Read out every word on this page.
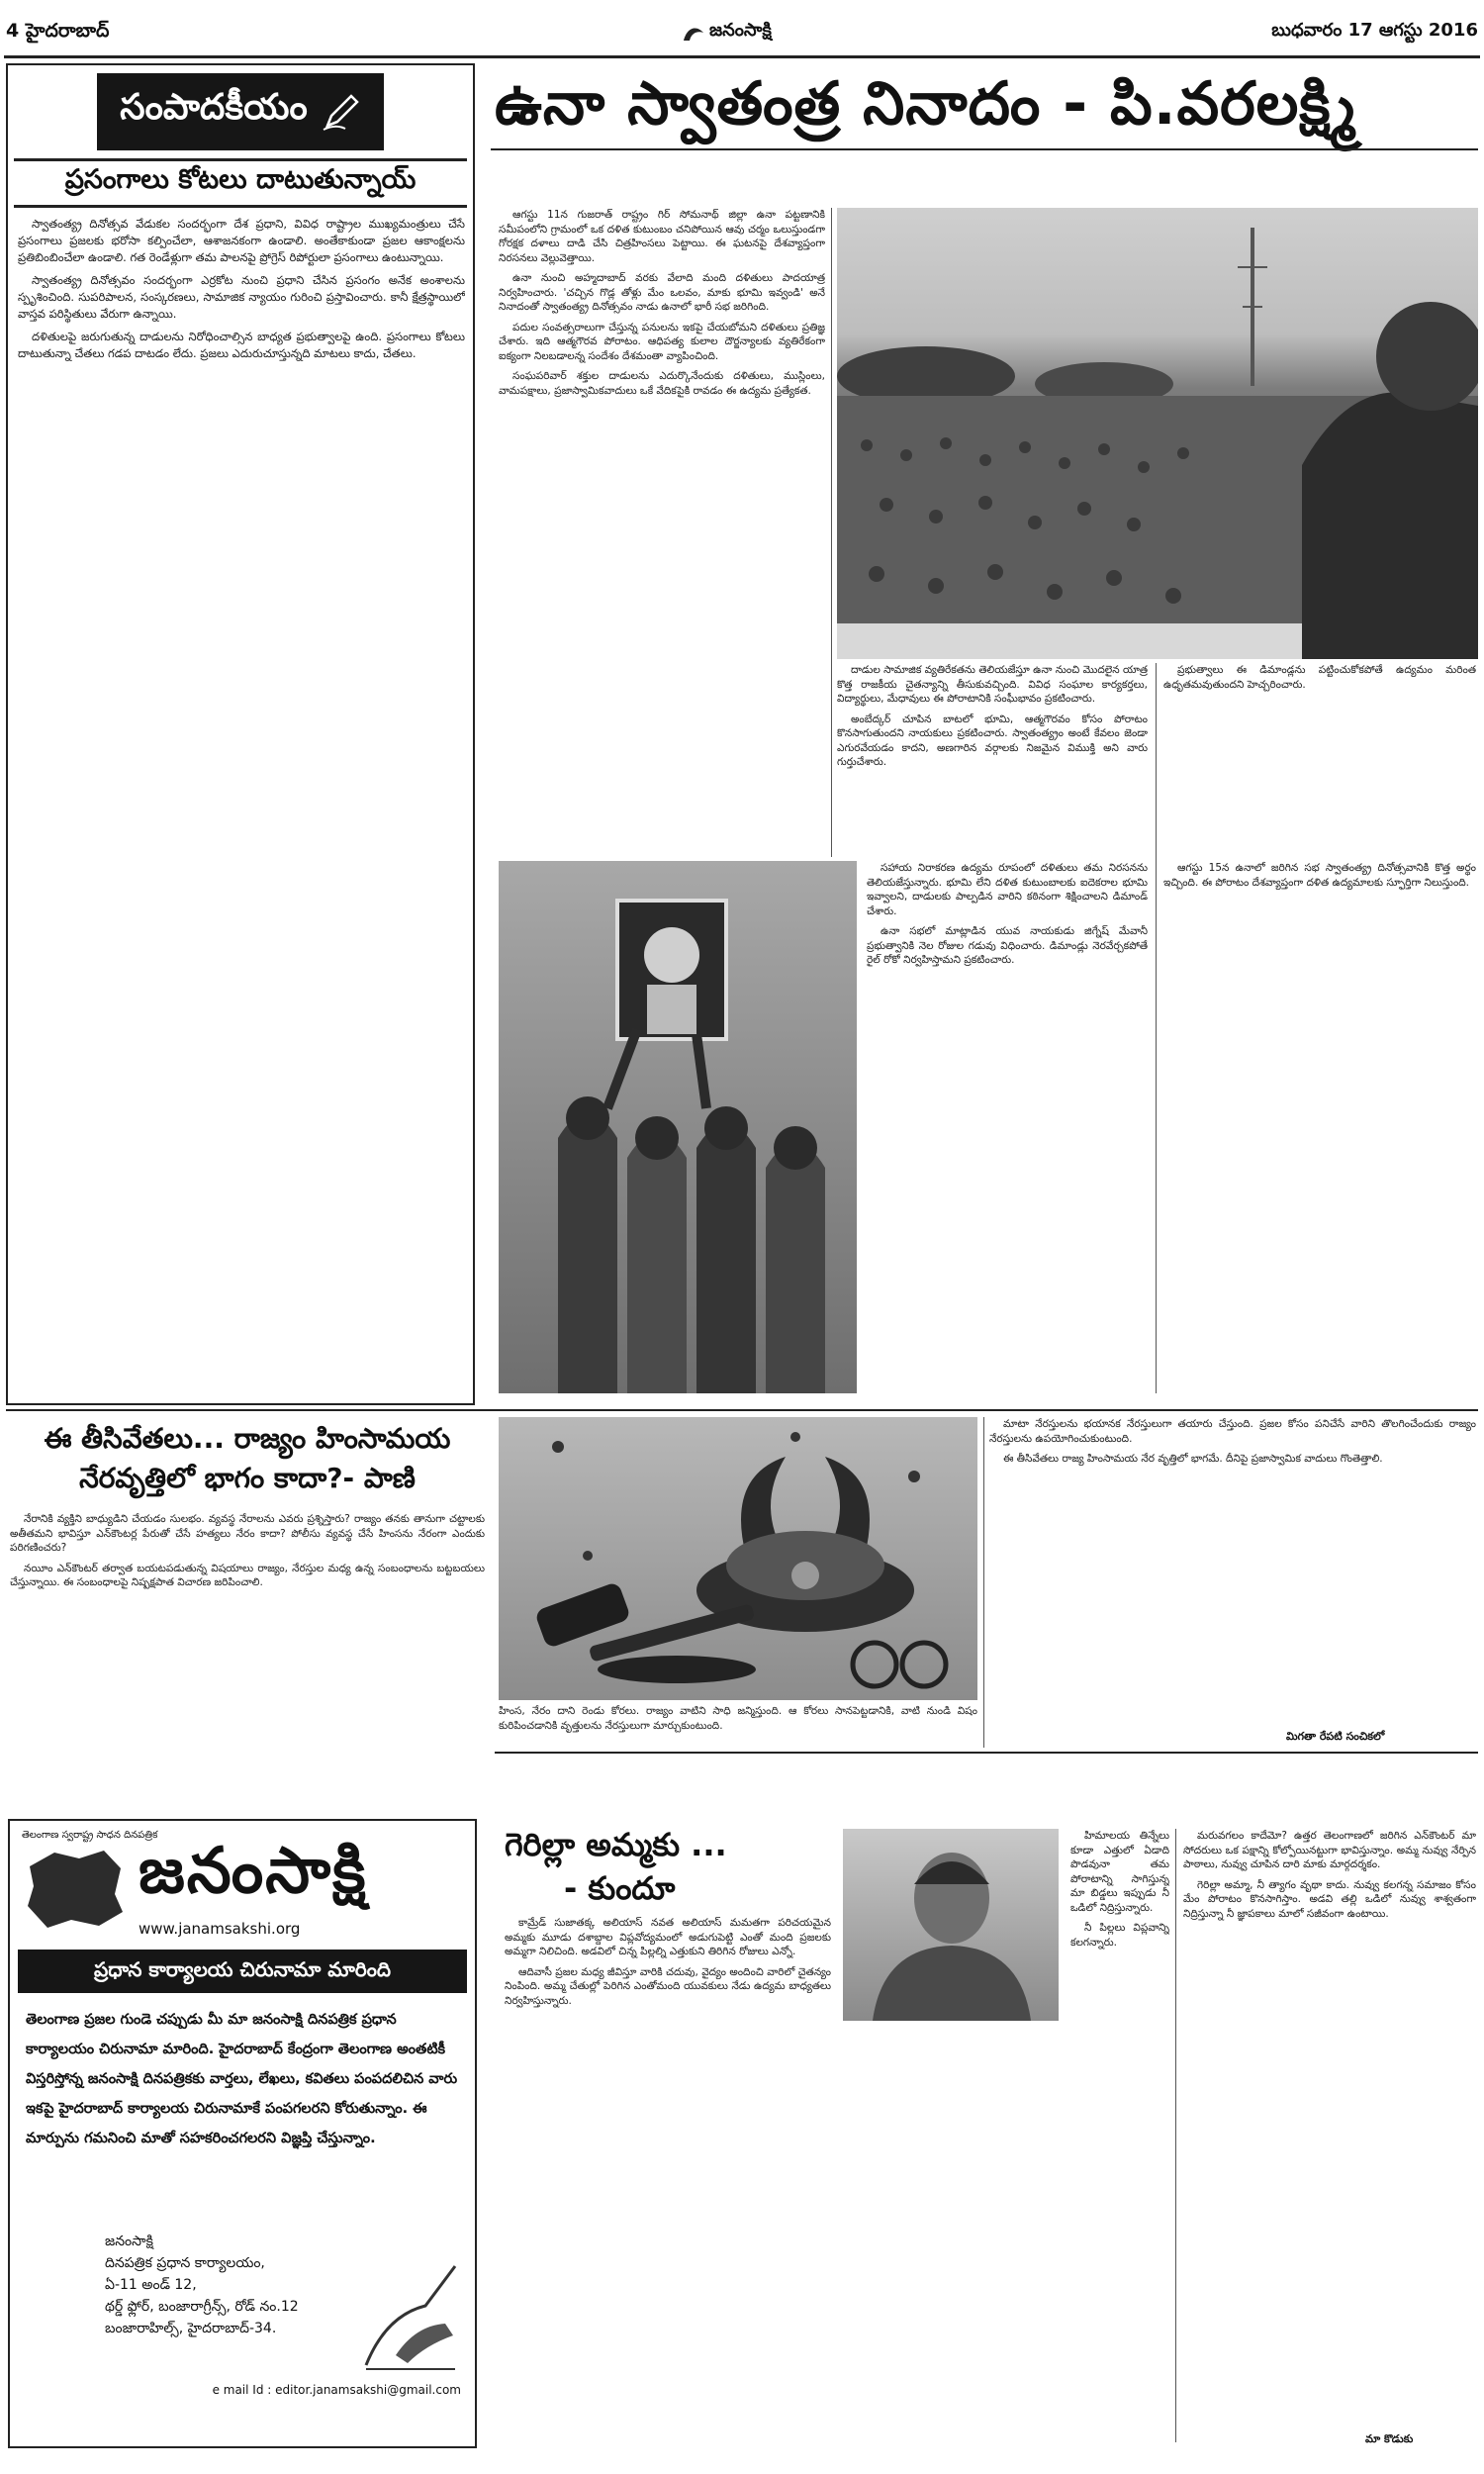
4 హైదరాబాద్	జనంసాక్షి	బుధవారం 17 ఆగస్టు 2016
సంపాదకీయం
ప్రసంగాలు కోటలు దాటుతున్నాయ్

స్వాతంత్య్ర దినోత్సవ వేడుకల సందర్భంగా దేశ ప్రధాని, వివిధ రాష్ట్రాల ముఖ్యమంత్రులు చేసే ప్రసంగాలు ప్రజలకు భరోసా కల్పించేలా, ఆశాజనకంగా ఉండాలి. అంతేకాకుండా ప్రజల ఆకాంక్షలను ప్రతిబింబించేలా ఉండాలి. గత రెండేళ్లుగా తమ పాలనపై ప్రోగ్రెస్‌ రిపోర్టులా ప్రసంగాలు ఉంటున్నాయి.

స్వాతంత్య్ర దినోత్సవం సందర్భంగా ఎర్రకోట నుంచి ప్రధాని చేసిన ప్రసంగం అనేక అంశాలను స్పృశించింది. సుపరిపాలన, సంస్కరణలు, సామాజిక న్యాయం గురించి ప్రస్తావించారు. కానీ క్షేత్రస్థాయిలో వాస్తవ పరిస్థితులు వేరుగా ఉన్నాయి.

దళితులపై జరుగుతున్న దాడులను నిరోధించాల్సిన బాధ్యత ప్రభుత్వాలపై ఉంది. ప్రసంగాలు కోటలు దాటుతున్నా చేతలు గడప దాటడం లేదు. ప్రజలు ఎదురుచూస్తున్నది మాటలు కాదు, చేతలు.

ఉనా స్వాతంత్ర నినాదం - పి.వరలక్ష్మి

ఆగస్టు 11న గుజరాత్‌ రాష్ట్రం గిర్‌ సోమనాథ్‌ జిల్లా ఉనా పట్టణానికి సమీపంలోని గ్రామంలో ఒక దళిత కుటుంబం చనిపోయిన ఆవు చర్మం ఒలుస్తుండగా గోరక్షక దళాలు దాడి చేసి చిత్రహింసలు పెట్టాయి. ఈ ఘటనపై దేశవ్యాప్తంగా నిరసనలు వెల్లువెత్తాయి.

ఉనా నుంచి అహ్మదాబాద్‌ వరకు వేలాది మంది దళితులు పాదయాత్ర నిర్వహించారు. 'చచ్చిన గొడ్ల తోళ్లు మేం ఒలవం, మాకు భూమి ఇవ్వండి' అనే నినాదంతో స్వాతంత్య్ర దినోత్సవం నాడు ఉనాలో భారీ సభ జరిగింది.

పదుల సంవత్సరాలుగా చేస్తున్న పనులను ఇకపై చేయబోమని దళితులు ప్రతిజ్ఞ చేశారు. ఇది ఆత్మగౌరవ పోరాటం. ఆధిపత్య కులాల దౌర్జన్యాలకు వ్యతిరేకంగా ఐక్యంగా నిలబడాలన్న సందేశం దేశమంతా వ్యాపించింది.

సంఘపరివార్‌ శక్తుల దాడులను ఎదుర్కొనేందుకు దళితులు, ముస్లింలు, వామపక్షాలు, ప్రజాస్వామికవాదులు ఒకే వేదికపైకి రావడం ఈ ఉద్యమ ప్రత్యేకత.

దాడుల సామాజిక వ్యతిరేకతను తెలియజేస్తూ ఉనా నుంచి మొదలైన యాత్ర కొత్త రాజకీయ చైతన్యాన్ని తీసుకువచ్చింది. వివిధ సంఘాల కార్యకర్తలు, విద్యార్థులు, మేధావులు ఈ పోరాటానికి సంఘీభావం ప్రకటించారు.

అంబేద్కర్‌ చూపిన బాటలో భూమి, ఆత్మగౌరవం కోసం పోరాటం కొనసాగుతుందని నాయకులు ప్రకటించారు. స్వాతంత్య్రం అంటే కేవలం జెండా ఎగురవేయడం కాదని, అణగారిన వర్గాలకు నిజమైన విముక్తి అని వారు గుర్తుచేశారు.

ప్రభుత్వాలు ఈ డిమాండ్లను పట్టించుకోకపోతే ఉద్యమం మరింత ఉధృతమవుతుందని హెచ్చరించారు.

సహాయ నిరాకరణ ఉద్యమ రూపంలో దళితులు తమ నిరసనను తెలియజేస్తున్నారు. భూమి లేని దళిత కుటుంబాలకు ఐదెకరాల భూమి ఇవ్వాలని, దాడులకు పాల్పడిన వారిని కఠినంగా శిక్షించాలని డిమాండ్‌ చేశారు.

ఉనా సభలో మాట్లాడిన యువ నాయకుడు జిగ్నేష్‌ మేవానీ ప్రభుత్వానికి నెల రోజుల గడువు విధించారు. డిమాండ్లు నెరవేర్చకపోతే రైల్‌ రోకో నిర్వహిస్తామని ప్రకటించారు.

ఆగస్టు 15న ఉనాలో జరిగిన సభ స్వాతంత్య్ర దినోత్సవానికి కొత్త అర్థం ఇచ్చింది. ఈ పోరాటం దేశవ్యాప్తంగా దళిత ఉద్యమాలకు స్ఫూర్తిగా నిలుస్తుంది.

ఈ తీసివేతలు... రాజ్యం హింసామయ నేరవృత్తిలో భాగం కాదా?- పాణి

నేరానికి వ్యక్తిని బాధ్యుడిని చేయడం సులభం. వ్యవస్థ నేరాలను ఎవరు ప్రశ్నిస్తారు? రాజ్యం తనకు తానుగా చట్టాలకు అతీతమని భావిస్తూ ఎన్‌కౌంటర్ల పేరుతో చేసే హత్యలు నేరం కాదా? పోలీసు వ్యవస్థ చేసే హింసను నేరంగా ఎందుకు పరిగణించరు?

నయీం ఎన్‌కౌంటర్‌ తర్వాత బయటపడుతున్న విషయాలు రాజ్యం, నేరస్తుల మధ్య ఉన్న సంబంధాలను బట్టబయలు చేస్తున్నాయి. ఈ సంబంధాలపై నిష్పక్షపాత విచారణ జరిపించాలి.

హింస, నేరం దాని రెండు కోరలు. రాజ్యం వాటిని సాధి జన్మిస్తుంది. ఆ కోరలు సానపెట్టడానికి, వాటి నుండి విషం కురిపించడానికి వృత్తులను నేరస్తులుగా మార్చుకుంటుంది.

మాటా నేరస్తులను భయానక నేరస్తులుగా తయారు చేస్తుంది. ప్రజల కోసం పనిచేసే వారిని తొలగించేందుకు రాజ్యం నేరస్తులను ఉపయోగించుకుంటుంది.

ఈ తీసివేతలు రాజ్య హింసామయ నేర వృత్తిలో భాగమే. దీనిపై ప్రజాస్వామిక వాదులు గొంతెత్తాలి.

మిగతా రేపటి సంచికలో
తెలంగాణ స్వరాష్ట్ర సాధన దినపత్రిక
జనంసాక్షి
www.janamsakshi.org
ప్రధాన కార్యాలయ చిరునామా మారింది
తెలంగాణ ప్రజల గుండె చప్పుడు మీ మా జనంసాక్షి దినపత్రిక ప్రధాన కార్యాలయం చిరునామా మారింది. హైదరాబాద్‌ కేంద్రంగా తెలంగాణ అంతటికీ విస్తరిస్తోన్న జనంసాక్షి దినపత్రికకు వార్తలు, లేఖలు, కవితలు పంపదలిచిన వారు ఇకపై హైదరాబాద్‌ కార్యాలయ చిరునామాకే పంపగలరని కోరుతున్నాం. ఈ మార్పును గమనించి మాతో సహకరించగలరని విజ్ఞప్తి చేస్తున్నాం.
జనంసాక్షి
దినపత్రిక ప్రధాన కార్యాలయం,
ఏ-11 అండ్‌ 12,
థర్డ్‌ ఫ్లోర్‌, బంజారాగ్రీన్స్‌, రోడ్‌ నం.12
బంజారాహిల్స్‌, హైదరాబాద్‌-34.
e mail Id : editor.janamsakshi@gmail.com
గెరిల్లా అమ్మకు ...
- కుందూ

హిమాలయ తిన్నేలు కూడా ఎత్తులో ఏడాది పొడవునా తమ పోరాటాన్ని సాగిస్తున్న మా బిడ్డలు ఇప్పుడు నీ ఒడిలో నిద్రిస్తున్నారు.

నీ పిల్లలు విప్లవాన్ని కలగన్నారు.

కామ్రేడ్‌ సుజాతక్క అలియాస్‌ నవత అలియాస్‌ మమతగా పరిచయమైన అమ్మకు మూడు దశాబ్దాల విప్లవోద్యమంలో అడుగుపెట్టి ఎంతో మంది ప్రజలకు అమ్మగా నిలిచింది. అడవిలో చిన్న పిల్లల్ని ఎత్తుకుని తిరిగిన రోజులు ఎన్నో.

ఆదివాసీ ప్రజల మధ్య జీవిస్తూ వారికి చదువు, వైద్యం అందించి వారిలో చైతన్యం నింపింది. అమ్మ చేతుల్లో పెరిగిన ఎంతోమంది యువకులు నేడు ఉద్యమ బాధ్యతలు నిర్వహిస్తున్నారు.

మరువగలం కాదేమో? ఉత్తర తెలంగాణలో జరిగిన ఎన్‌కౌంటర్‌ మా సోదరులు ఒక పక్షాన్ని కోల్పోయినట్టుగా భావిస్తున్నాం. అమ్మ నువ్వు నేర్పిన పాఠాలు, నువ్వు చూపిన దారి మాకు మార్గదర్శకం.

గెరిల్లా అమ్మా, నీ త్యాగం వృథా కాదు. నువ్వు కలగన్న సమాజం కోసం మేం పోరాటం కొనసాగిస్తాం. అడవి తల్లి ఒడిలో నువ్వు శాశ్వతంగా నిద్రిస్తున్నా నీ జ్ఞాపకాలు మాలో సజీవంగా ఉంటాయి.

మా కొడుకు
